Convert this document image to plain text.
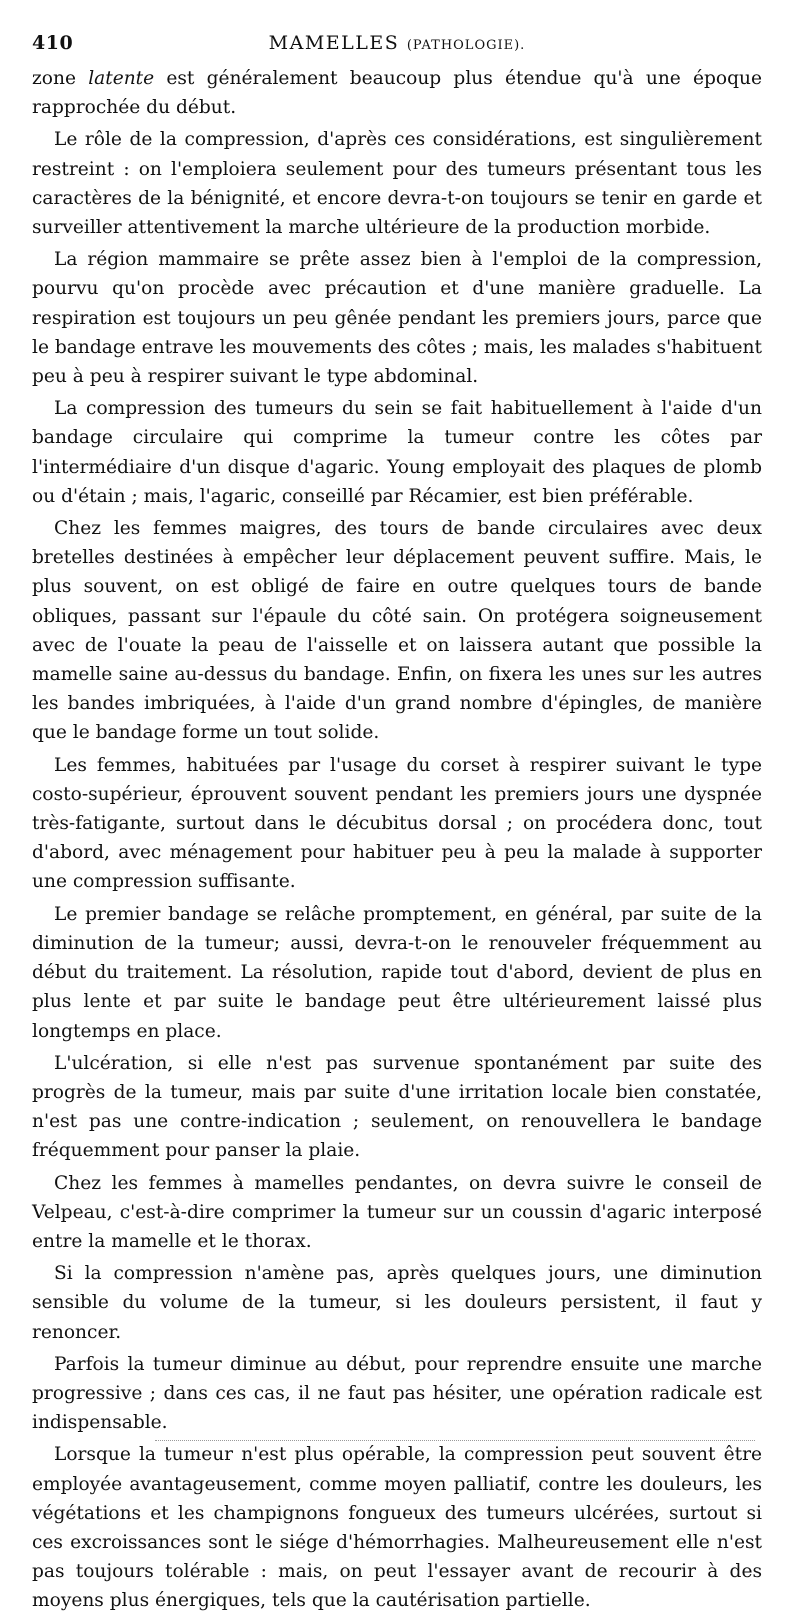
410	MAMELLES (PATHOLOGIE).

zone latente est généralement beaucoup plus étendue qu'à une époque rapprochée du début.

Le rôle de la compression, d'après ces considérations, est singulièrement restreint : on l'emploiera seulement pour des tumeurs présentant tous les caractères de la bénignité, et encore devra-t-on toujours se tenir en garde et surveiller attentivement la marche ultérieure de la production morbide.

La région mammaire se prête assez bien à l'emploi de la compression, pourvu qu'on procède avec précaution et d'une manière graduelle. La respiration est toujours un peu gênée pendant les premiers jours, parce que le bandage entrave les mouvements des côtes ; mais, les malades s'habituent peu à peu à respirer suivant le type abdominal.

La compression des tumeurs du sein se fait habituellement à l'aide d'un bandage circulaire qui comprime la tumeur contre les côtes par l'intermédiaire d'un disque d'agaric. Young employait des plaques de plomb ou d'étain ; mais, l'agaric, conseillé par Récamier, est bien préférable.

Chez les femmes maigres, des tours de bande circulaires avec deux bretelles destinées à empêcher leur déplacement peuvent suffire. Mais, le plus souvent, on est obligé de faire en outre quelques tours de bande obliques, passant sur l'épaule du côté sain. On protégera soigneusement avec de l'ouate la peau de l'aisselle et on laissera autant que possible la mamelle saine au-dessus du bandage. Enfin, on fixera les unes sur les autres les bandes imbriquées, à l'aide d'un grand nombre d'épingles, de manière que le bandage forme un tout solide.

Les femmes, habituées par l'usage du corset à respirer suivant le type costo-supérieur, éprouvent souvent pendant les premiers jours une dyspnée très-fatigante, surtout dans le décubitus dorsal ; on procédera donc, tout d'abord, avec ménagement pour habituer peu à peu la malade à supporter une compression suffisante.

Le premier bandage se relâche promptement, en général, par suite de la diminution de la tumeur; aussi, devra-t-on le renouveler fréquemment au début du traitement. La résolution, rapide tout d'abord, devient de plus en plus lente et par suite le bandage peut être ultérieurement laissé plus longtemps en place.

L'ulcération, si elle n'est pas survenue spontanément par suite des progrès de la tumeur, mais par suite d'une irritation locale bien constatée, n'est pas une contre-indication ; seulement, on renouvellera le bandage fréquemment pour panser la plaie.

Chez les femmes à mamelles pendantes, on devra suivre le conseil de Velpeau, c'est-à-dire comprimer la tumeur sur un coussin d'agaric interposé entre la mamelle et le thorax.

Si la compression n'amène pas, après quelques jours, une diminution sensible du volume de la tumeur, si les douleurs persistent, il faut y renoncer.

Parfois la tumeur diminue au début, pour reprendre ensuite une marche progressive ; dans ces cas, il ne faut pas hésiter, une opération radicale est indispensable.

Lorsque la tumeur n'est plus opérable, la compression peut souvent être employée avantageusement, comme moyen palliatif, contre les douleurs, les végétations et les champignons fongueux des tumeurs ulcérées, surtout si ces excroissances sont le siége d'hémorrhagies. Malheureusement elle n'est pas toujours tolérable : mais, on peut l'essayer avant de recourir à des moyens plus énergiques, tels que la cautérisation partielle.
